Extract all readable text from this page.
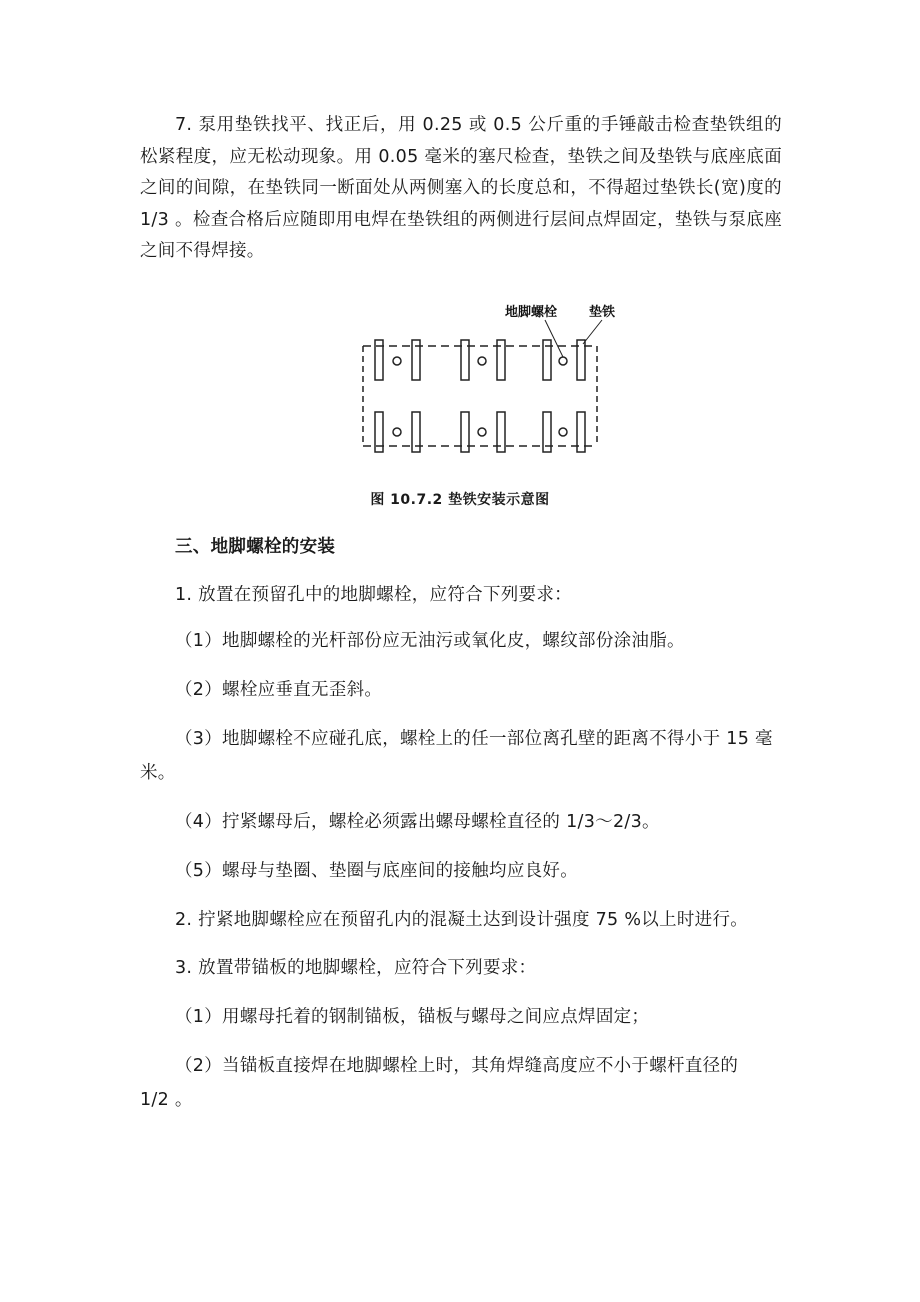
7. 泵用垫铁找平、找正后，用 0.25 或 0.5 公斤重的手锤敲击检查垫铁组的松紧程度，应无松动现象。用 0.05 毫米的塞尺检查，垫铁之间及垫铁与底座底面之间的间隙，在垫铁同一断面处从两侧塞入的长度总和，不得超过垫铁长(宽)度的 1/3 。检查合格后应随即用电焊在垫铁组的两侧进行层间点焊固定，垫铁与泵底座之间不得焊接。

地脚螺栓 垫铁
图 10.7.2 垫铁安装示意图

三、地脚螺栓的安装

1. 放置在预留孔中的地脚螺栓，应符合下列要求：

（1）地脚螺栓的光杆部份应无油污或氧化皮，螺纹部份涂油脂。

（2）螺栓应垂直无歪斜。

（3）地脚螺栓不应碰孔底，螺栓上的任一部位离孔壁的距离不得小于 15 毫

米。

（4）拧紧螺母后，螺栓必须露出螺母螺栓直径的 1/3～2/3。

（5）螺母与垫圈、垫圈与底座间的接触均应良好。

2. 拧紧地脚螺栓应在预留孔内的混凝土达到设计强度 75 %以上时进行。

3. 放置带锚板的地脚螺栓，应符合下列要求：

（1）用螺母托着的钢制锚板，锚板与螺母之间应点焊固定；

（2）当锚板直接焊在地脚螺栓上时，其角焊缝高度应不小于螺杆直径的

1/2 。
